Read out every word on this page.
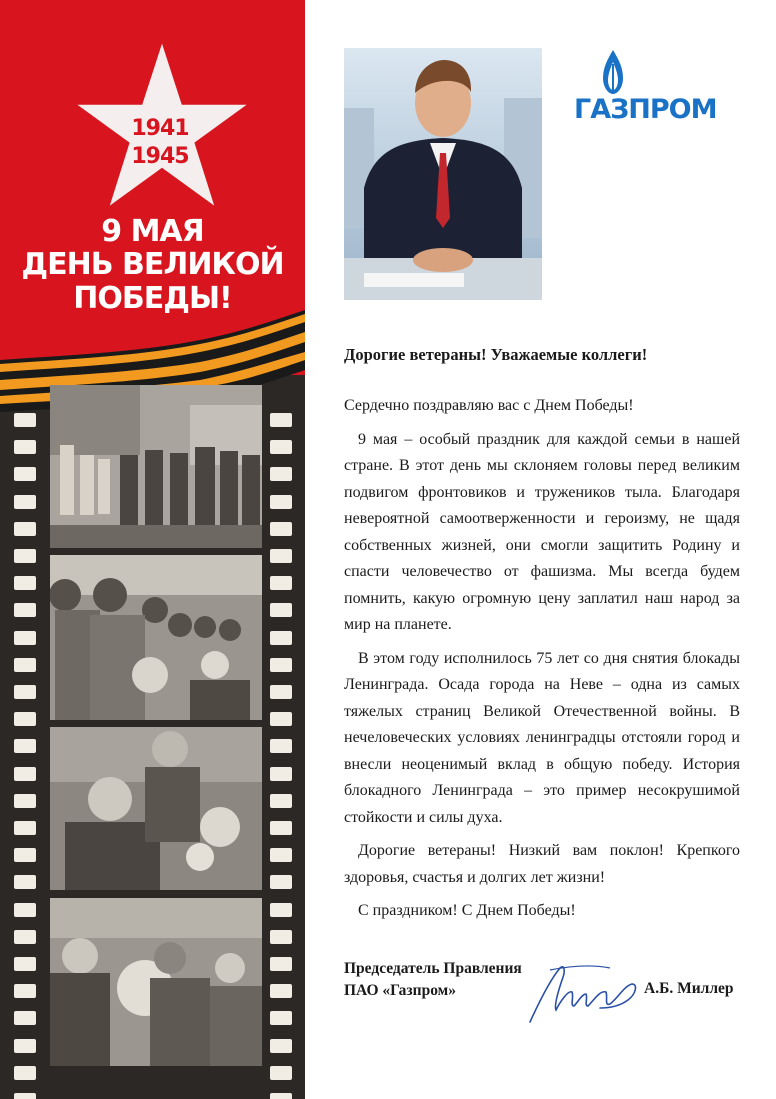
1941
1945
9 МАЯ
ДЕНЬ ВЕЛИКОЙ
ПОБЕДЫ!
ГАЗПРОМ
Дорогие ветераны! Уважаемые коллеги!

Сердечно поздравляю вас с Днем Победы!

9 мая – особый праздник для каждой семьи в нашей стране. В этот день мы склоняем головы перед великим подвигом фронтовиков и тружеников тыла. Благодаря невероятной самоотверженности и героизму, не щадя собственных жизней, они смогли защитить Родину и спасти человечество от фашизма. Мы всегда будем помнить, какую огромную цену заплатил наш народ за мир на планете.

В этом году исполнилось 75 лет со дня снятия блокады Ленинграда. Осада города на Неве – одна из самых тяжелых страниц Великой Отечественной войны. В нечеловеческих условиях ленинградцы отстояли город и внесли неоценимый вклад в общую победу. История блокадного Ленинграда – это пример несокрушимой стойкости и силы духа.

Дорогие ветераны! Низкий вам поклон! Крепкого здоровья, счастья и долгих лет жизни!

С праздником! С Днем Победы!

Председатель Правления
ПАО «Газпром»	А.Б. Миллер
